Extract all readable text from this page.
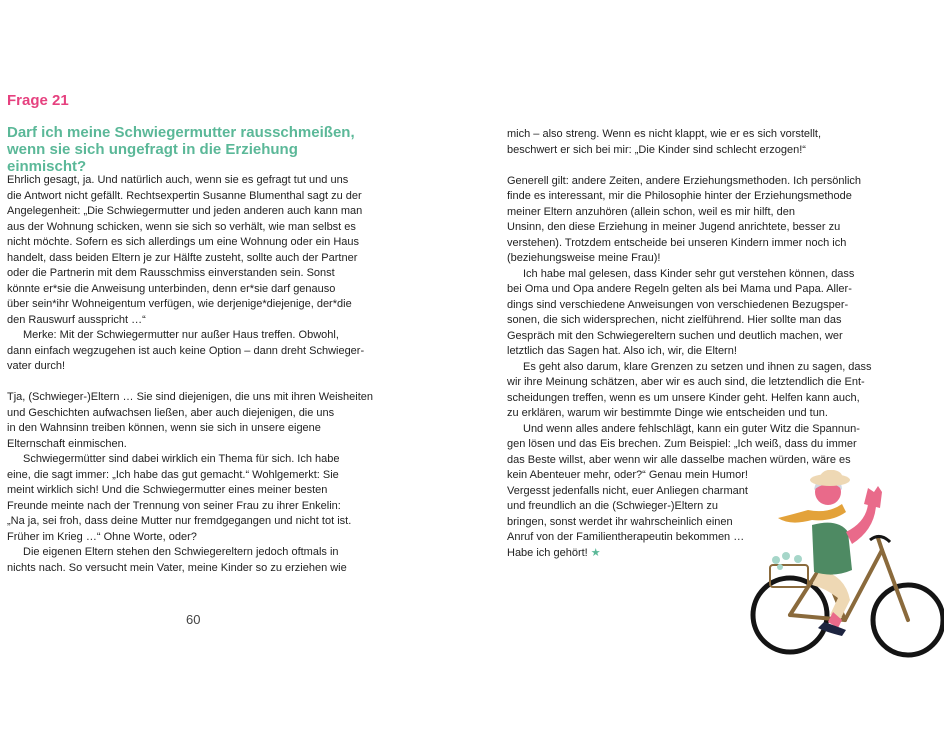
Frage 21
Darf ich meine Schwiegermutter rausschmeißen,
wenn sie sich ungefragt in die Erziehung einmischt?

Ehrlich gesagt, ja. Und natürlich auch, wenn sie es gefragt tut und uns

die Antwort nicht gefällt. Rechtsexpertin Susanne Blumenthal sagt zu der

Angelegenheit: „Die Schwiegermutter und jeden anderen auch kann man

aus der Wohnung schicken, wenn sie sich so verhält, wie man selbst es

nicht möchte. Sofern es sich allerdings um eine Wohnung oder ein Haus

handelt, dass beiden Eltern je zur Hälfte zusteht, sollte auch der Partner

oder die Partnerin mit dem Rausschmiss einverstanden sein. Sonst

könnte er*sie die Anweisung unterbinden, denn er*sie darf genauso

über sein*ihr Wohneigentum verfügen, wie derjenige*diejenige, der*die

den Rauswurf ausspricht …“

Merke: Mit der Schwiegermutter nur außer Haus treffen. Obwohl,

dann einfach wegzugehen ist auch keine Option – dann dreht Schwieger-

vater durch!

Tja, (Schwieger-)Eltern … Sie sind diejenigen, die uns mit ihren Weisheiten

und Geschichten aufwachsen ließen, aber auch diejenigen, die uns

in den Wahnsinn treiben können, wenn sie sich in unsere eigene

Elternschaft einmischen.

Schwiegermütter sind dabei wirklich ein Thema für sich. Ich habe

eine, die sagt immer: „Ich habe das gut gemacht.“ Wohlgemerkt: Sie

meint wirklich sich! Und die Schwiegermutter eines meiner besten

Freunde meinte nach der Trennung von seiner Frau zu ihrer Enkelin:

„Na ja, sei froh, dass deine Mutter nur fremdgegangen und nicht tot ist.

Früher im Krieg …“ Ohne Worte, oder?

Die eigenen Eltern stehen den Schwiegereltern jedoch oftmals in

nichts nach. So versucht mein Vater, meine Kinder so zu erziehen wie

mich – also streng. Wenn es nicht klappt, wie er es sich vorstellt,

beschwert er sich bei mir: „Die Kinder sind schlecht erzogen!“

Generell gilt: andere Zeiten, andere Erziehungsmethoden. Ich persönlich

finde es interessant, mir die Philosophie hinter der Erziehungsmethode

meiner Eltern anzuhören (allein schon, weil es mir hilft, den

Unsinn, den diese Erziehung in meiner Jugend anrichtete, besser zu

verstehen). Trotzdem entscheide bei unseren Kindern immer noch ich

(beziehungsweise meine Frau)!

Ich habe mal gelesen, dass Kinder sehr gut verstehen können, dass

bei Oma und Opa andere Regeln gelten als bei Mama und Papa. Aller-

dings sind verschiedene Anweisungen von verschiedenen Bezugsper-

sonen, die sich widersprechen, nicht zielführend. Hier sollte man das

Gespräch mit den Schwiegereltern suchen und deutlich machen, wer

letztlich das Sagen hat. Also ich, wir, die Eltern!

Es geht also darum, klare Grenzen zu setzen und ihnen zu sagen, dass

wir ihre Meinung schätzen, aber wir es auch sind, die letztendlich die Ent-

scheidungen treffen, wenn es um unsere Kinder geht. Helfen kann auch,

zu erklären, warum wir bestimmte Dinge wie entscheiden und tun.

Und wenn alles andere fehlschlägt, kann ein guter Witz die Spannun-

gen lösen und das Eis brechen. Zum Beispiel: „Ich weiß, dass du immer

das Beste willst, aber wenn wir alle dasselbe machen würden, wäre es

kein Abenteuer mehr, oder?“ Genau mein Humor!

Vergesst jedenfalls nicht, euer Anliegen charmant

und freundlich an die (Schwieger-)Eltern zu

bringen, sonst werdet ihr wahrscheinlich einen

Anruf von der Familientherapeutin bekommen …

Habe ich gehört! ★

60
